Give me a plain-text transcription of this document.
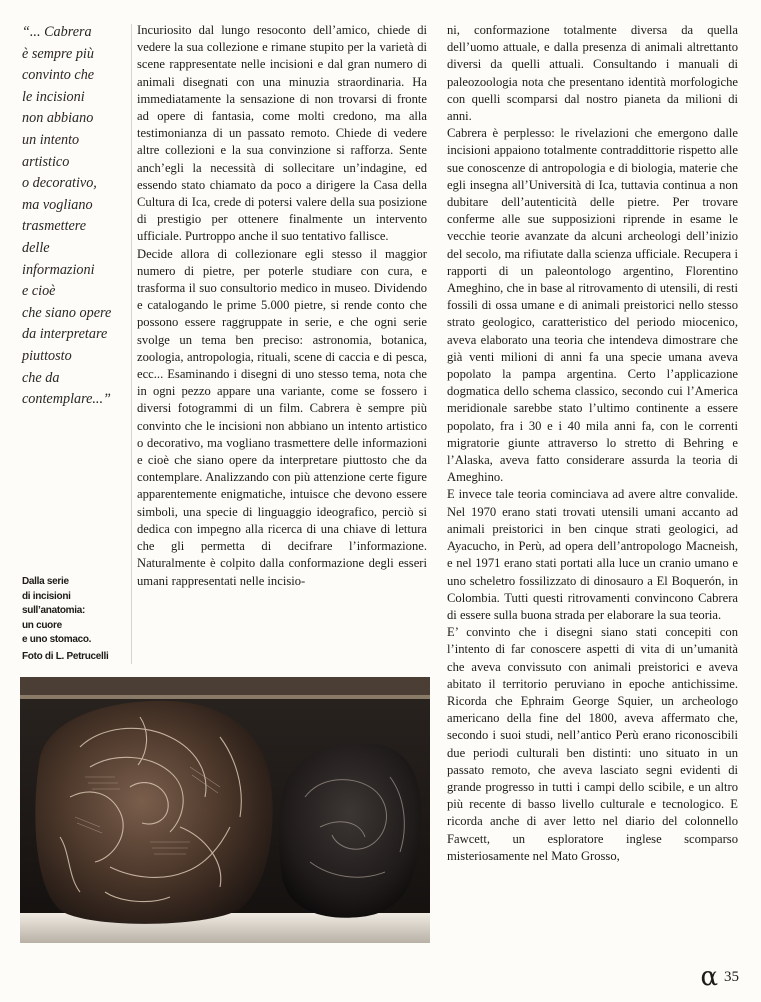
“... Cabrera
è sempre più
convinto che
le incisioni
non abbiano
un intento
artistico
o decorativo,
ma vogliano
trasmettere
delle
informazioni
e cioè
che siano opere
da interpretare
piuttosto
che da
contemplare...”
Dalla serie
di incisioni
sull’anatomia:
un cuore
e uno stomaco.
Foto di L. Petrucelli

Incuriosito dal lungo resoconto dell’amico, chiede di vedere la sua collezione e rimane stupito per la varietà di scene rappresentate nelle incisioni e dal gran numero di animali disegnati con una minuzia straordinaria. Ha immediatamente la sensazione di non trovarsi di fronte ad opere di fantasia, come molti credono, ma alla testimonianza di un passato remoto. Chiede di vedere altre collezioni e la sua convinzione si rafforza. Sente anch’egli la necessità di sollecitare un’indagine, ed essendo stato chiamato da poco a dirigere la Casa della Cultura di Ica, crede di potersi valere della sua posizione di prestigio per ottenere finalmente un intervento ufficiale. Purtroppo anche il suo tentativo fallisce.

Decide allora di collezionare egli stesso il maggior numero di pietre, per poterle studiare con cura, e trasforma il suo consultorio medico in museo. Dividendo e catalogando le prime 5.000 pietre, si rende conto che possono essere raggruppate in serie, e che ogni serie svolge un tema ben preciso: astronomia, botanica, zoologia, antropologia, rituali, scene di caccia e di pesca, ecc... Esaminando i disegni di uno stesso tema, nota che in ogni pezzo appare una variante, come se fossero i diversi fotogrammi di un film. Cabrera è sempre più convinto che le incisioni non abbiano un intento artistico o decorativo, ma vogliano trasmettere delle informazioni e cioè che siano opere da interpretare piuttosto che da contemplare. Analizzando con più attenzione certe figure apparentemente enigmatiche, intuisce che devono essere simboli, una specie di linguaggio ideografico, perciò si dedica con impegno alla ricerca di una chiave di lettura che gli permetta di decifrare l’informazione. Naturalmente è colpito dalla conformazione degli esseri umani rappresentati nelle incisio-

ni, conformazione totalmente diversa da quella dell’uomo attuale, e dalla presenza di animali altrettanto diversi da quelli attuali. Consultando i manuali di paleozoologia nota che presentano identità morfologiche con quelli scomparsi dal nostro pianeta da milioni di anni.

Cabrera è perplesso: le rivelazioni che emergono dalle incisioni appaiono totalmente contraddittorie rispetto alle sue conoscenze di antropologia e di biologia, materie che egli insegna all’Università di Ica, tuttavia continua a non dubitare dell’autenticità delle pietre. Per trovare conferme alle sue supposizioni riprende in esame le vecchie teorie avanzate da alcuni archeologi dell’inizio del secolo, ma rifiutate dalla scienza ufficiale. Recupera i rapporti di un paleontologo argentino, Florentino Ameghino, che in base al ritrovamento di utensili, di resti fossili di ossa umane e di animali preistorici nello stesso strato geologico, caratteristico del periodo miocenico, aveva elaborato una teoria che intendeva dimostrare che già venti milioni di anni fa una specie umana aveva popolato la pampa argentina. Certo l’applicazione dogmatica dello schema classico, secondo cui l’America meridionale sarebbe stato l’ultimo continente a essere popolato, fra i 30 e i 40 mila anni fa, con le correnti migratorie giunte attraverso lo stretto di Behring e l’Alaska, aveva fatto considerare assurda la teoria di Ameghino.

E invece tale teoria cominciava ad avere altre convalide. Nel 1970 erano stati trovati utensili umani accanto ad animali preistorici in ben cinque strati geologici, ad Ayacucho, in Perù, ad opera dell’antropologo Macneish, e nel 1971 erano stati portati alla luce un cranio umano e uno scheletro fossilizzato di dinosauro a El Boquerón, in Colombia. Tutti questi ritrovamenti convincono Cabrera di essere sulla buona strada per elaborare la sua teoria.

E’ convinto che i disegni siano stati concepiti con l’intento di far conoscere aspetti di vita di un’umanità che aveva convissuto con animali preistorici e aveva abitato il territorio peruviano in epoche antichissime. Ricorda che Ephraim George Squier, un archeologo americano della fine del 1800, aveva affermato che, secondo i suoi studi, nell’antico Perù erano riconoscibili due periodi culturali ben distinti: uno situato in un passato remoto, che aveva lasciato segni evidenti di grande progresso in tutti i campi dello scibile, e un altro più recente di basso livello culturale e tecnologico. E ricorda anche di aver letto nel diario del colonnello Fawcett, un esploratore inglese scomparso misteriosamente nel Mato Grosso,

α 35
